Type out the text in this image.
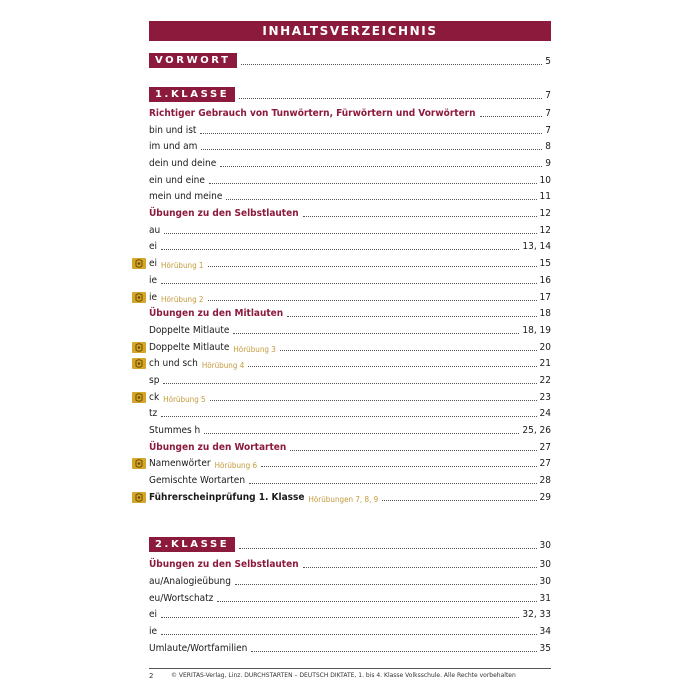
INHALTSVERZEICHNIS
VORWORT	5
1.KLASSE	7
Richtiger Gebrauch von Tunwörtern, Fürwörtern und Vorwörtern	7
bin und ist	7
im und am	8
dein und deine	9
ein und eine	10
mein und meine	11
Übungen zu den Selbstlauten	12
au	12
ei	13, 14
ei Hörübung 1	15
ie	16
ie Hörübung 2	17
Übungen zu den Mitlauten	18
Doppelte Mitlaute	18, 19
Doppelte Mitlaute Hörübung 3	20
ch und sch Hörübung 4	21
sp	22
ck Hörübung 5	23
tz	24
Stummes h	25, 26
Übungen zu den Wortarten	27
Namenwörter Hörübung 6	27
Gemischte Wortarten	28
Führerscheinprüfung 1. Klasse Hörübungen 7, 8, 9	29
2.KLASSE	30
Übungen zu den Selbstlauten	30
au/Analogieübung	30
eu/Wortschatz	31
ei	32, 33
ie	34
Umlaute/Wortfamilien	35
2	© VERITAS-Verlag, Linz. DURCHSTARTEN – DEUTSCH DIKTATE, 1. bis 4. Klasse Volksschule. Alle Rechte vorbehalten
